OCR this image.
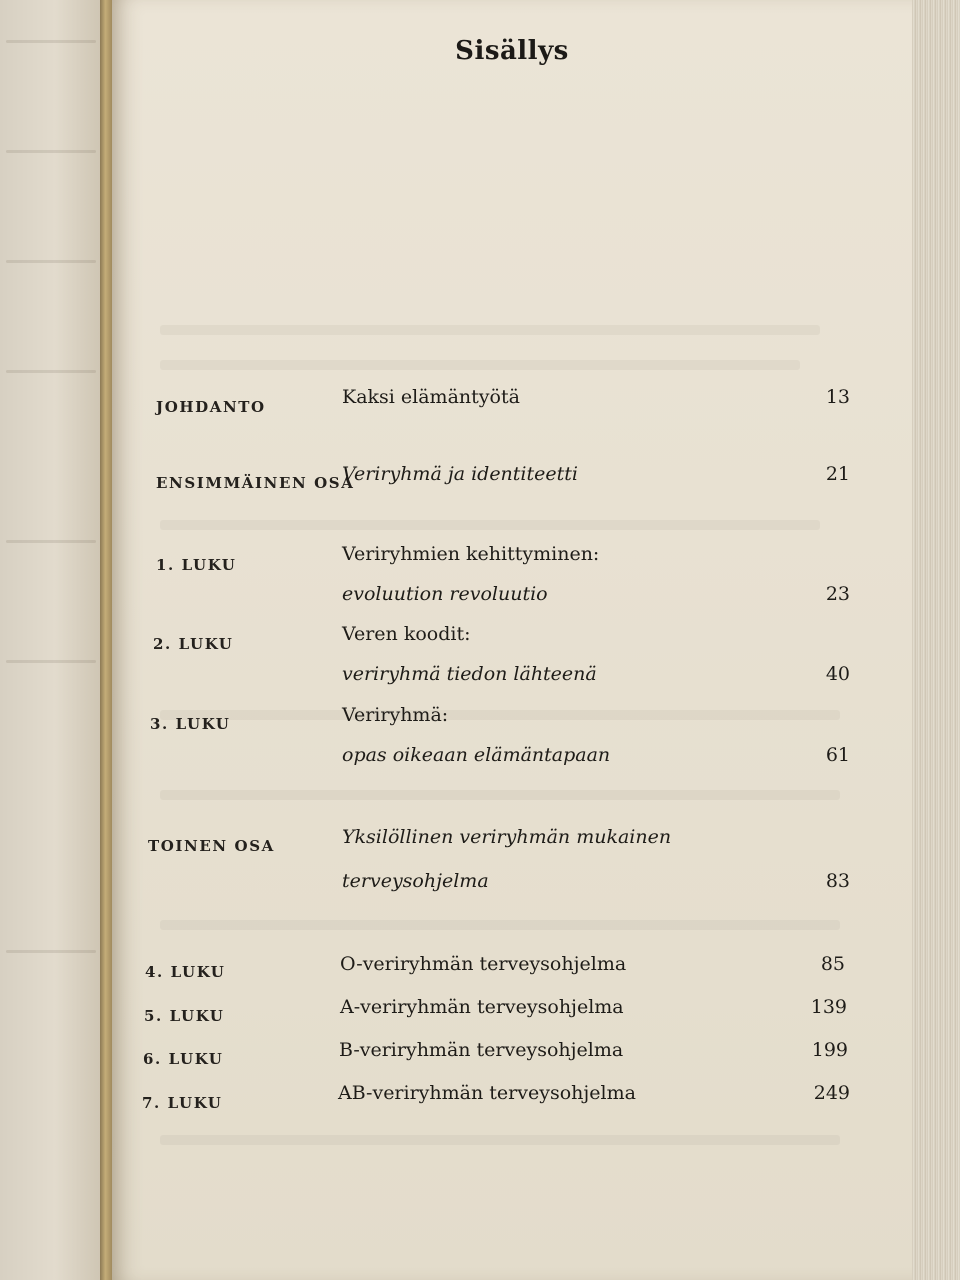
Sisällys
JOHDANTO	Kaksi elämäntyötä	13
ENSIMMÄINEN OSA
Veriryhmä ja identiteetti	21
1. LUKU	Veriryhmien kehittyminen:
evoluution revoluutio	23
2. LUKU	Veren koodit:
veriryhmä tiedon lähteenä	40
3. LUKU	Veriryhmä:
opas oikeaan elämäntapaan	61
TOINEN OSA	Yksilöllinen veriryhmän mukainen
terveysohjelma	83
4. LUKU	O-veriryhmän terveysohjelma	85
5. LUKU	A-veriryhmän terveysohjelma	139
6. LUKU	B-veriryhmän terveysohjelma	199
7. LUKU	AB-veriryhmän terveysohjelma	249
